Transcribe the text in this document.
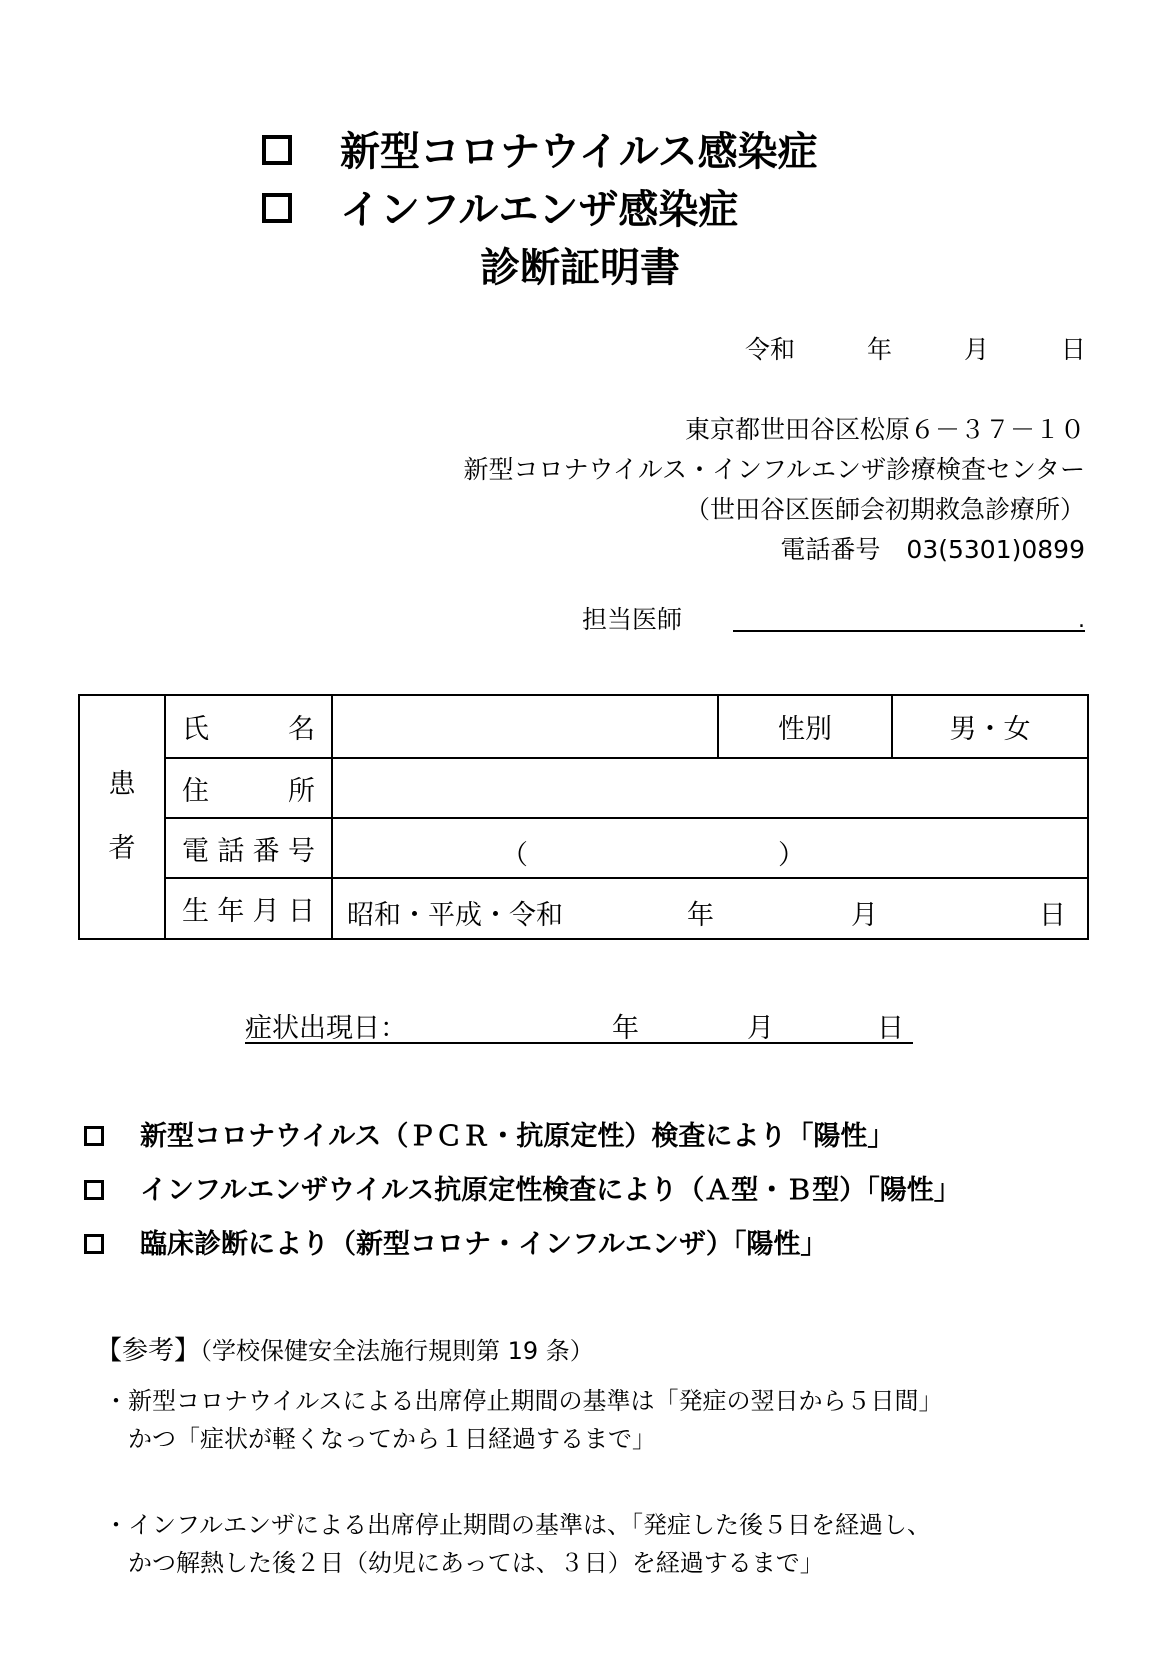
新型コロナウイルス感染症
インフルエンザ感染症
診断証明書
令和	年	月	日
東京都世田谷区松原６－３７－１０
新型コロナウイルス・インフルエンザ診療検査センター
（世田谷区医師会初期救急診療所）
電話番号 03(5301)0899
担当医師	.
患
者	氏　　名		性別	男・女

	住　　所			

	電話番号	（ ）		

	生年月日	昭和・平成・令和 年 月 日		
症状出現日：	年	月	日
新型コロナウイルス（ＰＣＲ・抗原定性）検査により「陽性」
インフルエンザウイルス抗原定性検査により（Ａ型・Ｂ型）「陽性」
臨床診断により（新型コロナ・インフルエンザ）「陽性」
【参考】（学校保健安全法施行規則第 19 条）
・新型コロナウイルスによる出席停止期間の基準は「発症の翌日から５日間」
かつ「症状が軽くなってから１日経過するまで」
・インフルエンザによる出席停止期間の基準は、「発症した後５日を経過し、
かつ解熱した後２日（幼児にあっては、３日）を経過するまで」
